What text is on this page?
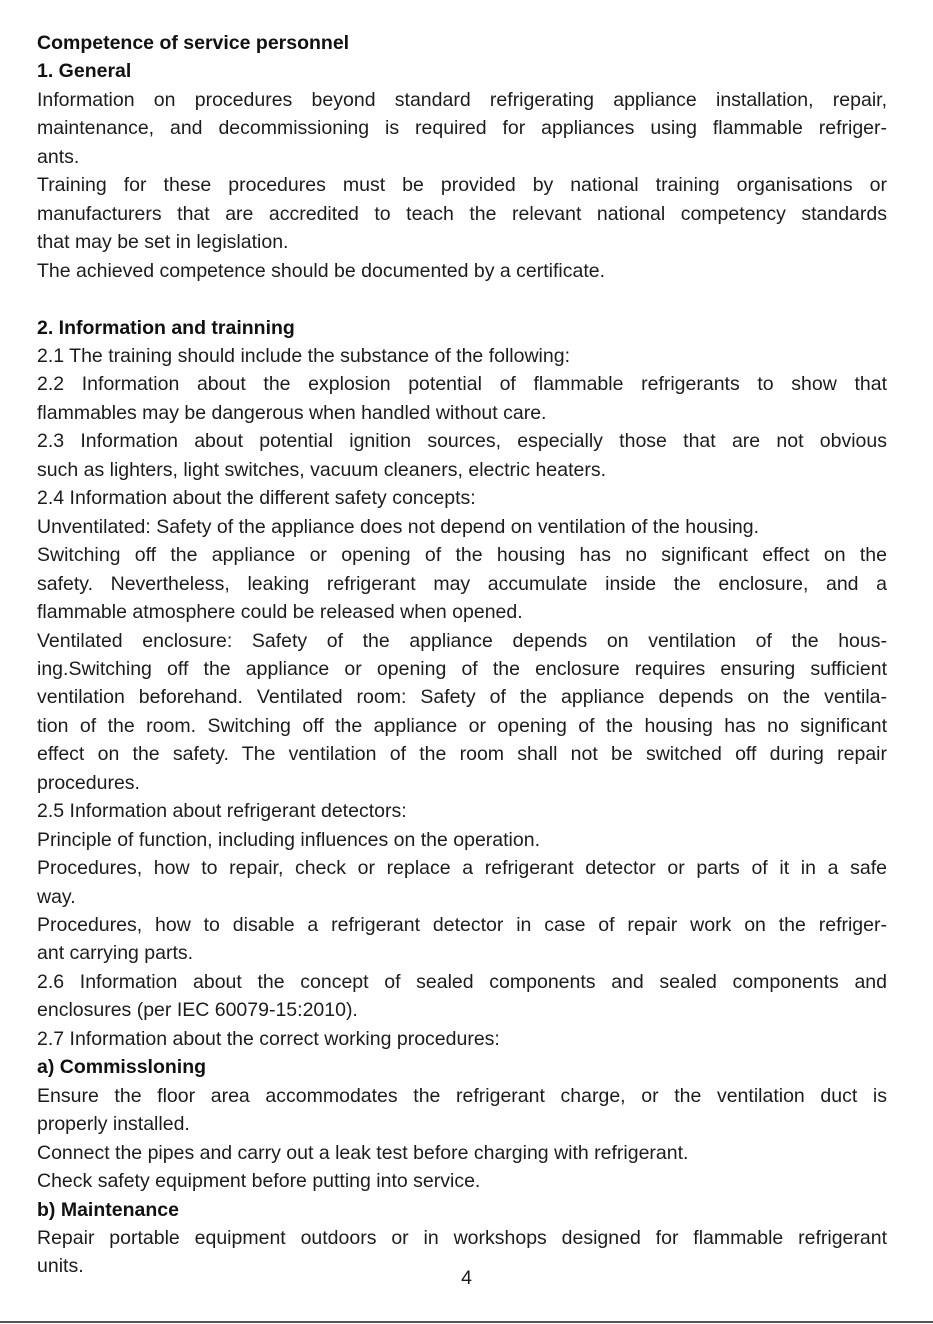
Competence of service personnel

1. General

Information on procedures beyond standard refrigerating appliance installation, repair,

maintenance, and decommissioning is required for appliances using flammable refriger-

ants.

Training for these procedures must be provided by national training organisations or

manufacturers that are accredited to teach the relevant national competency standards

that may be set in legislation.

The achieved competence should be documented by a certificate.

2. Information and trainning

2.1 The training should include the substance of the following:

2.2 Information about the explosion potential of flammable refrigerants to show that

flammables may be dangerous when handled without care.

2.3 Information about potential ignition sources, especially those that are not obvious

such as lighters, light switches, vacuum cleaners, electric heaters.

2.4 Information about the different safety concepts:

Unventilated: Safety of the appliance does not depend on ventilation of the housing.

Switching off the appliance or opening of the housing has no significant effect on the

safety. Nevertheless, leaking refrigerant may accumulate inside the enclosure, and a

flammable atmosphere could be released when opened.

Ventilated enclosure: Safety of the appliance depends on ventilation of the hous-

ing.Switching off the appliance or opening of the enclosure requires ensuring sufficient

ventilation beforehand. Ventilated room: Safety of the appliance depends on the ventila-

tion of the room. Switching off the appliance or opening of the housing has no significant

effect on the safety. The ventilation of the room shall not be switched off during repair

procedures.

2.5 Information about refrigerant detectors:

Principle of function, including influences on the operation.

Procedures, how to repair, check or replace a refrigerant detector or parts of it in a safe

way.

Procedures, how to disable a refrigerant detector in case of repair work on the refriger-

ant carrying parts.

2.6 Information about the concept of sealed components and sealed components and

enclosures (per IEC 60079-15:2010).

2.7 Information about the correct working procedures:

a) Commissloning

Ensure the floor area accommodates the refrigerant charge, or the ventilation duct is

properly installed.

Connect the pipes and carry out a leak test before charging with refrigerant.

Check safety equipment before putting into service.

b) Maintenance

Repair portable equipment outdoors or in workshops designed for flammable refrigerant

units.

4
